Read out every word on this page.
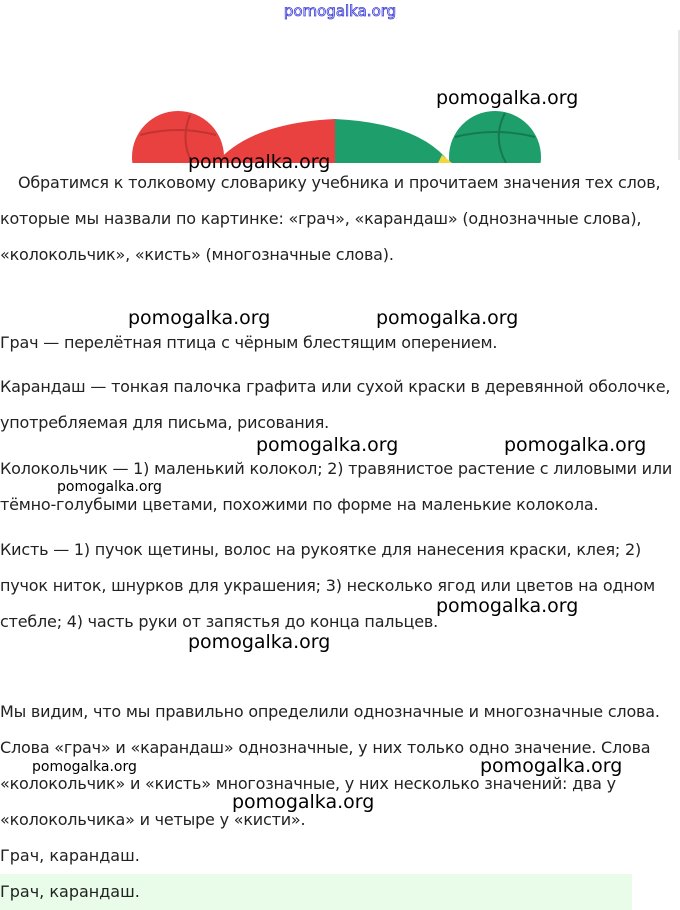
pomogalka.org

Обратимся к толковому словарику учебника и прочитаем значения тех слов, которые мы назвали по картинке: «грач», «карандаш» (однозначные слова), «колокольчик», «кисть» (многозначные слова).

Грач — перелётная птица с чёрным блестящим оперением.

Карандаш — тонкая палочка графита или сухой краски в деревянной оболочке, употребляемая для письма, рисования.

Колокольчик — 1) маленький колокол; 2) травянистое растение с лиловыми или тёмно-голубыми цветами, похожими по форме на маленькие колокола.

Кисть — 1) пучок щетины, волос на рукоятке для нанесения краски, клея; 2) пучок ниток, шнурков для украшения; 3) несколько ягод или цветов на одном стебле; 4) часть руки от запястья до конца пальцев.

Мы видим, что мы правильно определили однозначные и многозначные слова. Слова «грач» и «карандаш» однозначные, у них только одно значение. Слова «колокольчик» и «кисть» многозначные, у них несколько значений: два у «колокольчика» и четыре у «кисти».

Грач, карандаш.
Грач, карандаш.
pomogalka.org
pomogalka.org
pomogalka.org	pomogalka.org
pomogalka.org	pomogalka.org
pomogalka.org
pomogalka.org
pomogalka.org
pomogalka.org	pomogalka.org
pomogalka.org
